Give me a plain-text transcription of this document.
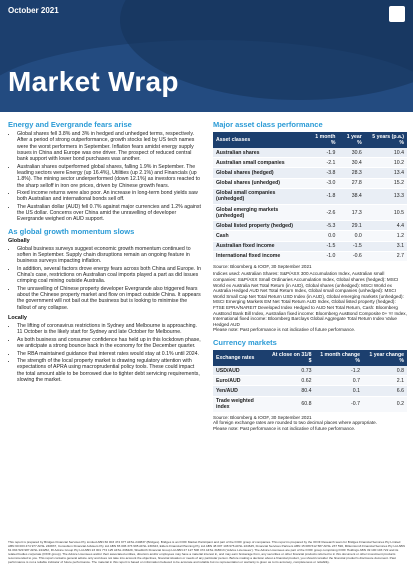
October 2021
Market Wrap
Energy and Evergrande fears arise
• Global shares fell 3.8% and 3% in hedged and unhedged terms, respectively. After a period of strong outperformance, growth stocks led by US tech names were the worst performers in September. Inflation fears amidst energy supply issues in China and Europe was one driver. The prospect of reduced central bank support with lower bond purchases was another.
• Australian shares outperformed global shares, falling 1.9% in September. The leading sectors were Energy (up 16.4%), Utilities (up 2.1%) and Financials (up 1.8%). The mining sector underperformed (down 12.1%) as investors reacted to the sharp selloff in iron ore prices, driven by Chinese growth fears.
• Fixed income returns were also poor. An increase in long-term bond yields saw both Australian and international bonds sell off.
• The Australian dollar (AUD) fell 0.7% against major currencies and 1.2% against the US dollar. Concerns over China amid the unravelling of developer Evergrande weighed on AUD support.
As global growth momentum slows
Globally
• Global business surveys suggest economic growth momentum continued to soften in September. Supply chain disruptions remain an ongoing feature in business surveys impacting inflation.
• In addition, several factors drove energy fears across both China and Europe. In China's case, restrictions on Australian coal imports played a part as did issues crimping coal mining outside Australia.
• The unravelling of Chinese property developer Evergrande also triggered fears about the Chinese property market and flow on impact outside China. It appears the government will not bail out the business but is looking to minimise the fallout of any collapse.
Locally
• The lifting of coronavirus restrictions in Sydney and Melbourne is approaching. 11 October is the likely start for Sydney and late October for Melbourne.
• As both business and consumer confidence has held up in this lockdown phase, we anticipate a strong bounce back in the economy for the December quarter.
• The RBA maintained guidance that interest rates would stay at 0.1% until 2024.
• The strength of the local property market is drawing regulatory attention with expectations of APRA using macroprudential policy tools. These could impact the total amount able to be borrowed due to tighter debt servicing requirements, slowing the market.
Major asset class performance
Asset classes	1 month %	1 year %	5 years (p.a.) %
Australian shares	-1.9	30.6	10.4
Australian small companies	-2.1	30.4	10.2
Global shares (hedged)	-3.8	28.3	13.4
Global shares (unhedged)	-3.0	27.8	15.2
Global small companies (unhedged)	-1.8	38.4	13.3
Global emerging markets (unhedged)	-2.6	17.3	10.5
Global listed property (hedged)	-5.3	29.1	4.4
Cash	0.0	0.0	1.2
Australian fixed income	-1.5	-1.5	3.1
International fixed income	-1.0	-0.6	2.7
Source: Bloomberg & IOOF, 30 September 2021
Indices used: Australian Shares: S&P/ASX 300 Accumulation Index, Australian small companies: S&P/ASX Small Ordinaries Accumulation Index, Global shares (hedged): MSCI World ex Australia Net Total Return (in AUD), Global shares (unhedged): MSCI World ex Australia Hedged AUD Net Total Return Index, Global small companies (unhedged): MSCI World Small Cap Net Total Return USD Index (in AUD), Global emerging markets (unhedged): MSCI Emerging Markets EM Net Total Return AUD Index, Global listed property (hedged): FTSE EPRA/NAREIT Developed Index Hedged to AUD Net Total Return, Cash: Bloomberg AusBond Bank Bill Index, Australian fixed income: Bloomberg AusBond Composite 0+ Yr Index, International fixed income: Bloomberg Barclays Global Aggregate Total Return Index Value Hedged AUD
Please note: Past performance is not indicative of future performance.
Currency markets
Exchange rates	At close on 31/8 $	1 month change %	1 year change %
USD/AUD	0.73	-1.2	0.8
Euro/AUD	0.62	0.7	2.1
Yen/AUD	80.4	0.1	6.6
Trade weighted index	60.8	-0.7	0.2
Source: Bloomberg & IOOF, 30 September 2021
All foreign exchange rates are rounded to two decimal places where appropriate.
Please note: Past performance is not indicative of future performance.
This report is prepared by Bridges Financial Services Pty Limited ABN 60 003 474 977 AFSL 240837 (Bridges). Bridges is an IOOF Market Participant and part of the IOOF group of companies. This report is prepared by the IOOF Research team for Bridges Financial Services Pty Limited ABN 60 003 474 977 AFSL 240837, Consultum Financial Advisers Pty Ltd ABN 65 006 373 995 AFSL 230323, Elders Financial Planning Pty Ltd ABN 48 007 108 976 AFSL 224645, Financial Services Partners ABN 15 089 512 587 AFSL 237 590, Millennium3 Financial Services Pty Ltd ABN 61 094 529 987 AFSL 244252, RI Advice Group Pty Ltd ABN 23 001 774 125 AFSL 238429, Shadforth Financial Group Ltd ABN 27 127 508 472 AFSL 318613 ('Advice Licensees'). The Advice Licensees are part of the IOOF group comprising IOOF Holdings ABN 49 100 103 722 and its related bodies corporate (IOOF group). The Advice Licensees and/or their associated entities, directors and/or employees may have a material interest in, and may earn brokerage from, any securities or other financial products referred to in this document or other investment products recommended to you. This report contains general advice only and does not take into account the objectives, financial situation or needs of any particular person. Before making a decision about a financial product, you should consider the financial product's disclosure document. Past performance is not a reliable indicator of future performance. The material in this report is based on information believed to be accurate and reliable but no representation or warranty is given as to its accuracy, completeness or reliability.
